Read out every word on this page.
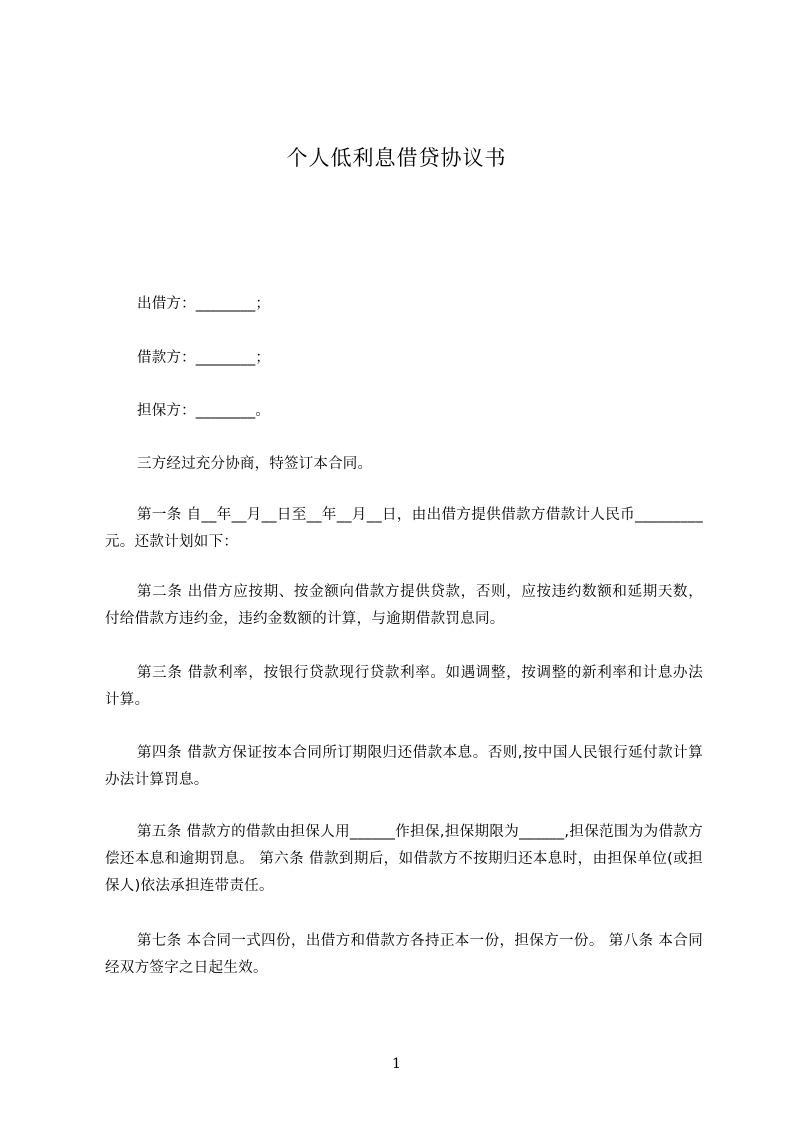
个人低利息借贷协议书
出借方：________；
借款方：________；
担保方：________。
三方经过充分协商，特签订本合同。

第一条 自__年__月__日至__年__月__日，由出借方提供借款方借款计人民币_________元。还款计划如下：

第二条 出借方应按期、按金额向借款方提供贷款，否则，应按违约数额和延期天数，付给借款方违约金，违约金数额的计算，与逾期借款罚息同。

第三条 借款利率，按银行贷款现行贷款利率。如遇调整，按调整的新利率和计息办法计算。

第四条 借款方保证按本合同所订期限归还借款本息。否则,按中国人民银行延付款计算办法计算罚息。

第五条 借款方的借款由担保人用______作担保,担保期限为______,担保范围为为借款方偿还本息和逾期罚息。 第六条 借款到期后，如借款方不按期归还本息时，由担保单位(或担保人)依法承担连带责任。

第七条 本合同一式四份，出借方和借款方各持正本一份，担保方一份。 第八条 本合同经双方签字之日起生效。

1
